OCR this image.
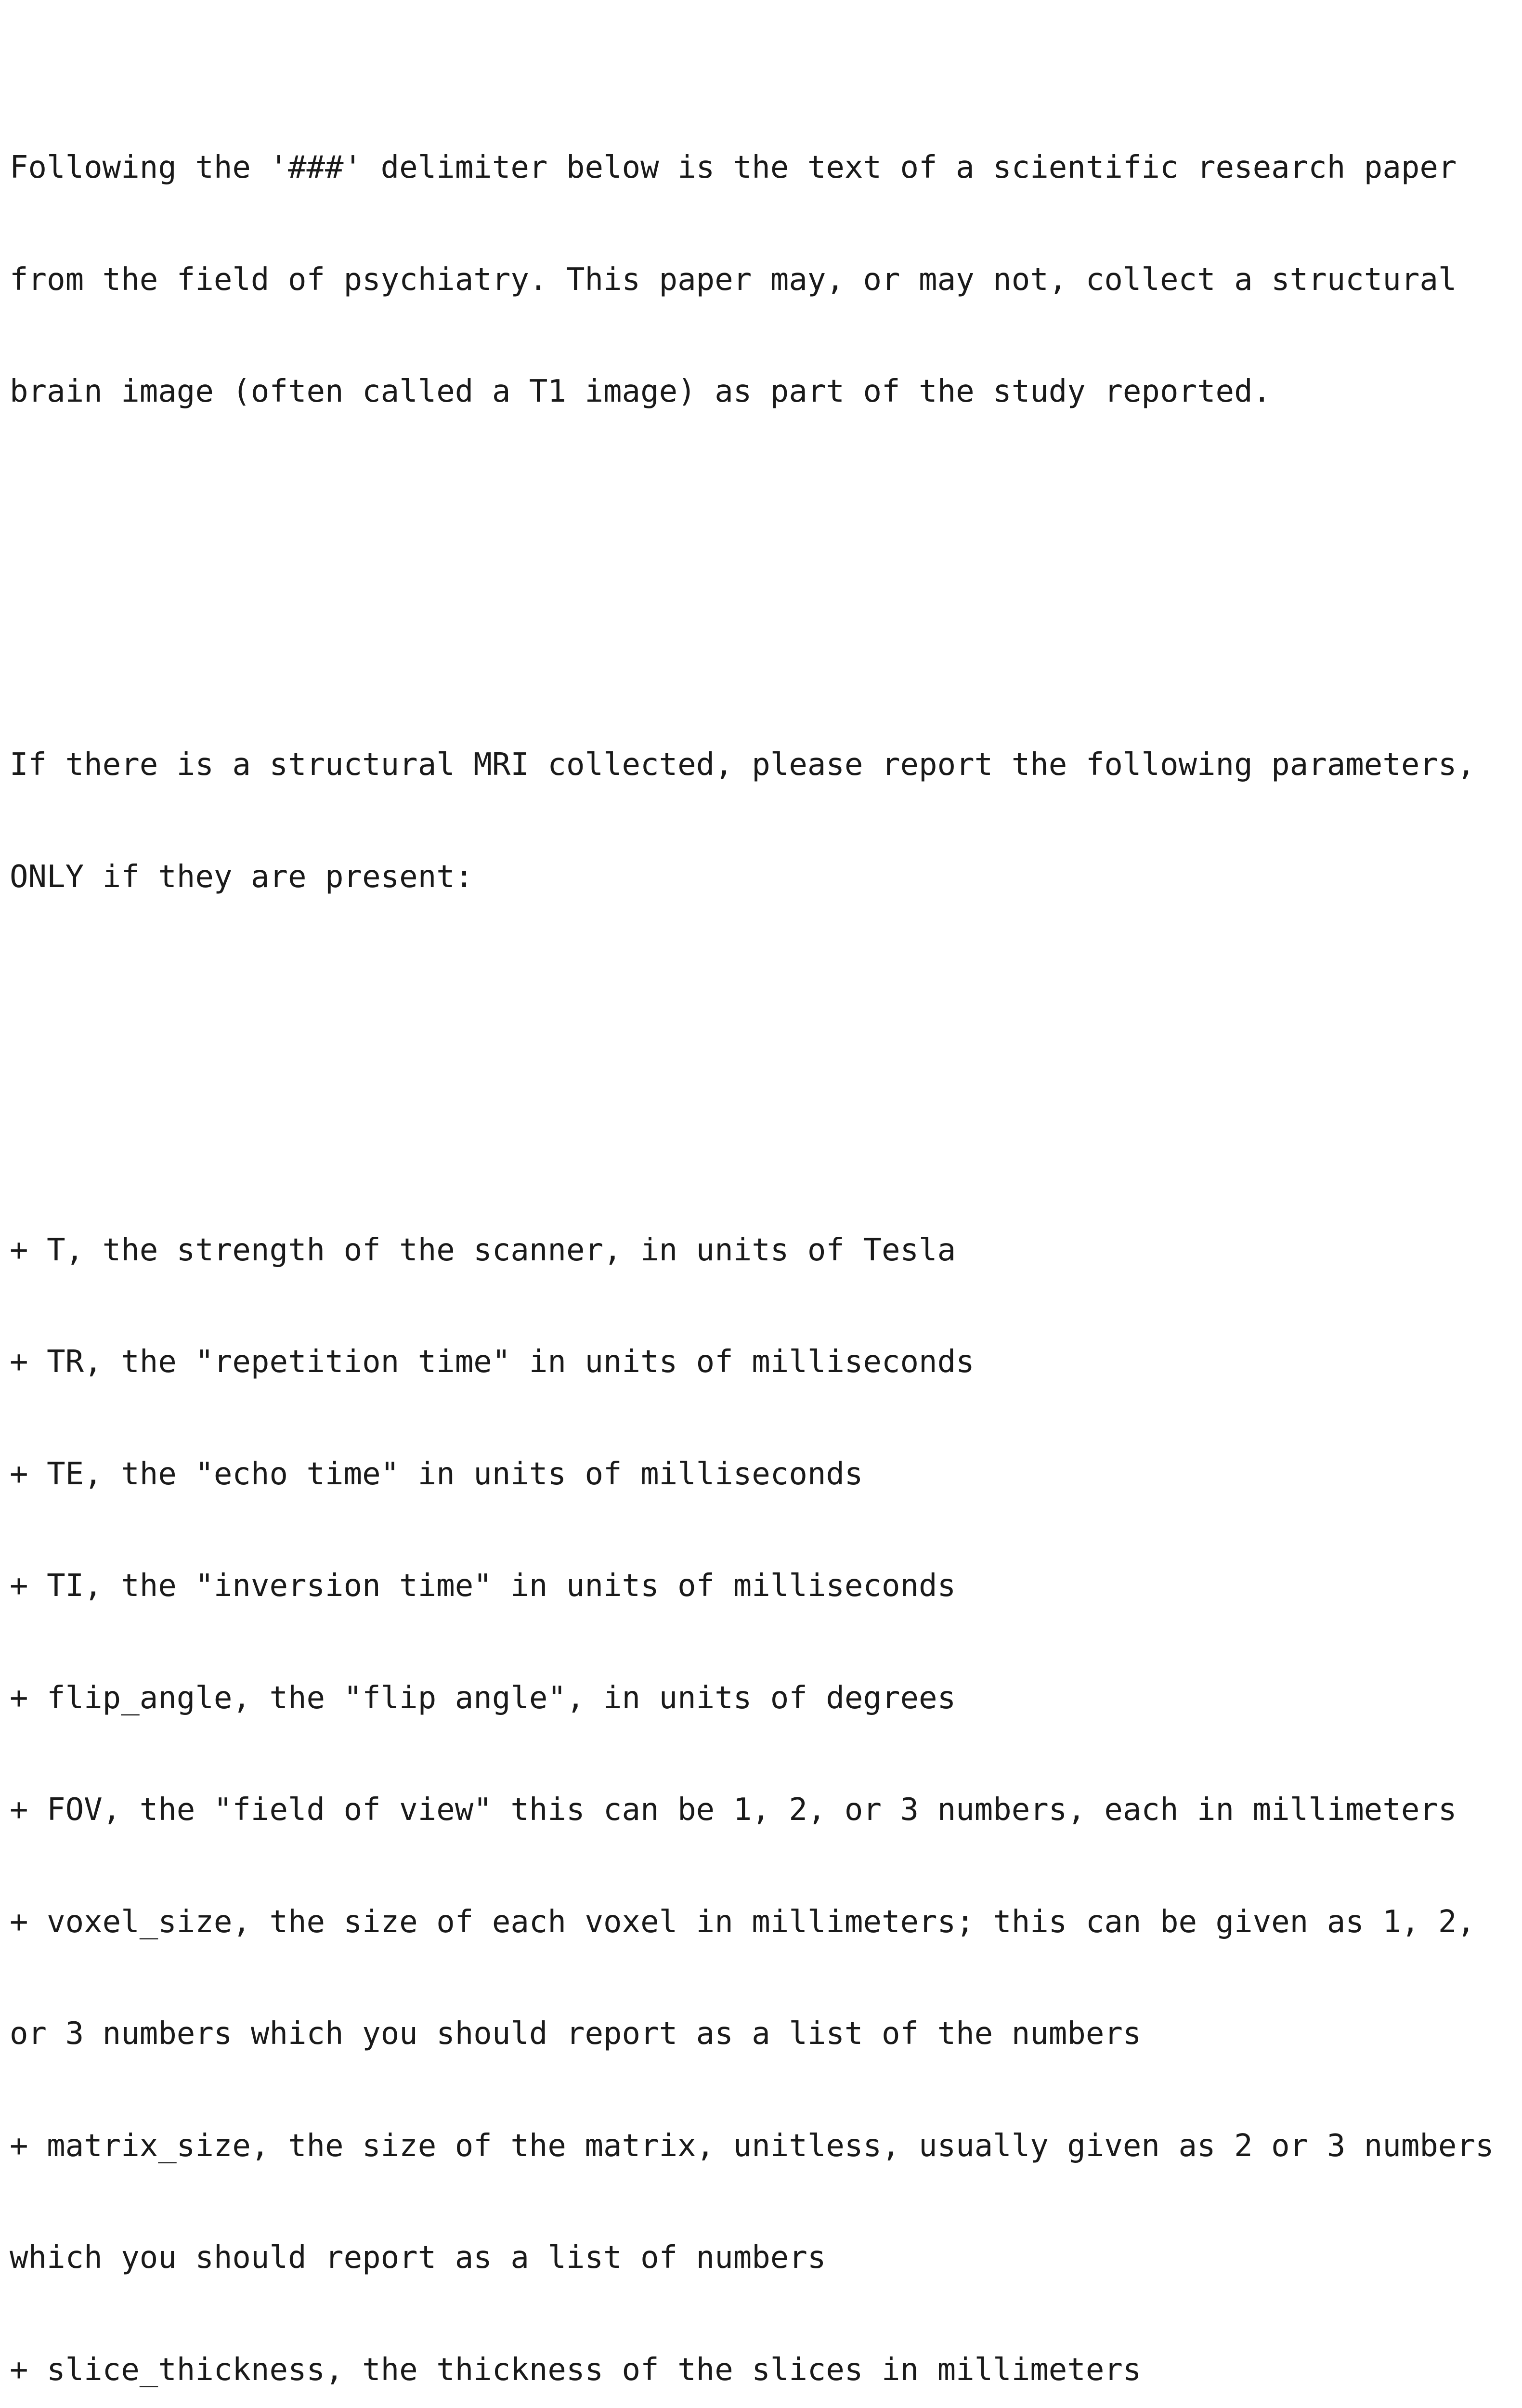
Following the '###' delimiter below is the text of a scientific research paper

from the field of psychiatry. This paper may, or may not, collect a structural

brain image (often called a T1 image) as part of the study reported.

If there is a structural MRI collected, please report the following parameters,

ONLY if they are present:

+ T, the strength of the scanner, in units of Tesla

+ TR, the "repetition time" in units of milliseconds

+ TE, the "echo time" in units of milliseconds

+ TI, the "inversion time" in units of milliseconds

+ flip_angle, the "flip angle", in units of degrees

+ FOV, the "field of view" this can be 1, 2, or 3 numbers, each in millimeters

+ voxel_size, the size of each voxel in millimeters; this can be given as 1, 2,

or 3 numbers which you should report as a list of the numbers

+ matrix_size, the size of the matrix, unitless, usually given as 2 or 3 numbers

which you should report as a list of numbers

+ slice_thickness, the thickness of the slices in millimeters
